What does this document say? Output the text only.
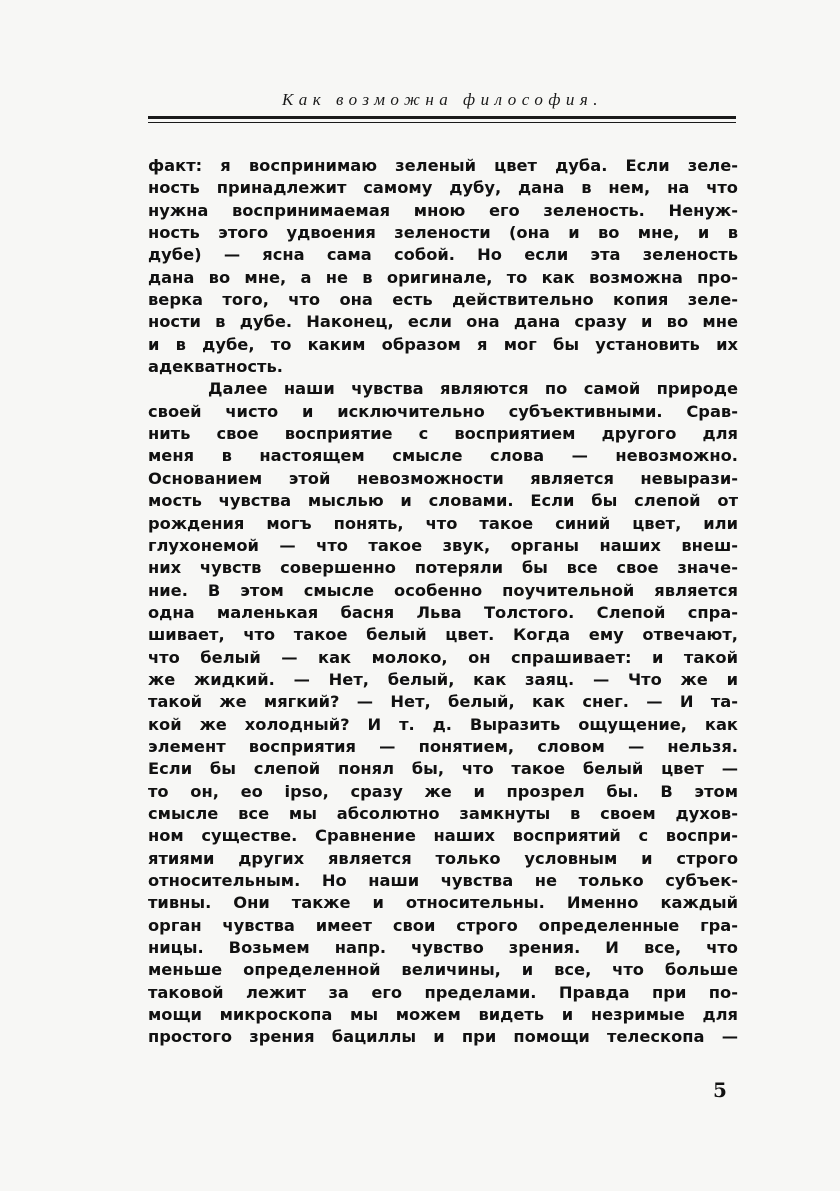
Как возможна философия.
факт: я воспринимаю зеленый цвет дуба. Если зеле-
ность принадлежит самому дубу, дана в нем, на что
нужна воспринимаемая мною его зеленость. Ненуж-
ность этого удвоения зелености (она и во мне, и в
дубе) — ясна сама собой. Но если эта зеленость
дана во мне, а не в оригинале, то как возможна про-
верка того, что она есть действительно копия зеле-
ности в дубе. Наконец, если она дана сразу и во мне
и в дубе, то каким образом я мог бы установить их
адекватность.
Далее наши чувства являются по самой природе
своей чисто и исключительно субъективными. Срав-
нить свое восприятие с восприятием другого для
меня в настоящем смысле слова — невозможно.
Основанием этой невозможности является невырази-
мость чувства мыслью и словами. Если бы слепой от
рождения могъ понять, что такое синий цвет, или
глухонемой — что такое звук, органы наших внеш-
них чувств совершенно потеряли бы все свое значе-
ние. В этом смысле особенно поучительной является
одна маленькая басня Льва Толстого. Слепой спра-
шивает, что такое белый цвет. Когда ему отвечают,
что белый — как молоко, он спрашивает: и такой
же жидкий. — Нет, белый, как заяц. — Что же и
такой же мягкий? — Нет, белый, как снег. — И та-
кой же холодный? И т. д. Выразить ощущение, как
элемент восприятия — понятием, словом — нельзя.
Если бы слепой понял бы, что такое белый цвет —
то он, eo ipso, сразу же и прозрел бы. В этом
смысле все мы абсолютно замкнуты в своем духов-
ном существе. Сравнение наших восприятий с воспри-
ятиями других является только условным и строго
относительным. Но наши чувства не только субъек-
тивны. Они также и относительны. Именно каждый
орган чувства имеет свои строго определенные гра-
ницы. Возьмем напр. чувство зрения. И все, что
меньше определенной величины, и все, что больше
таковой лежит за его пределами. Правда при по-
мощи микроскопа мы можем видеть и незримые для
простого зрения бациллы и при помощи телескопа —
5
